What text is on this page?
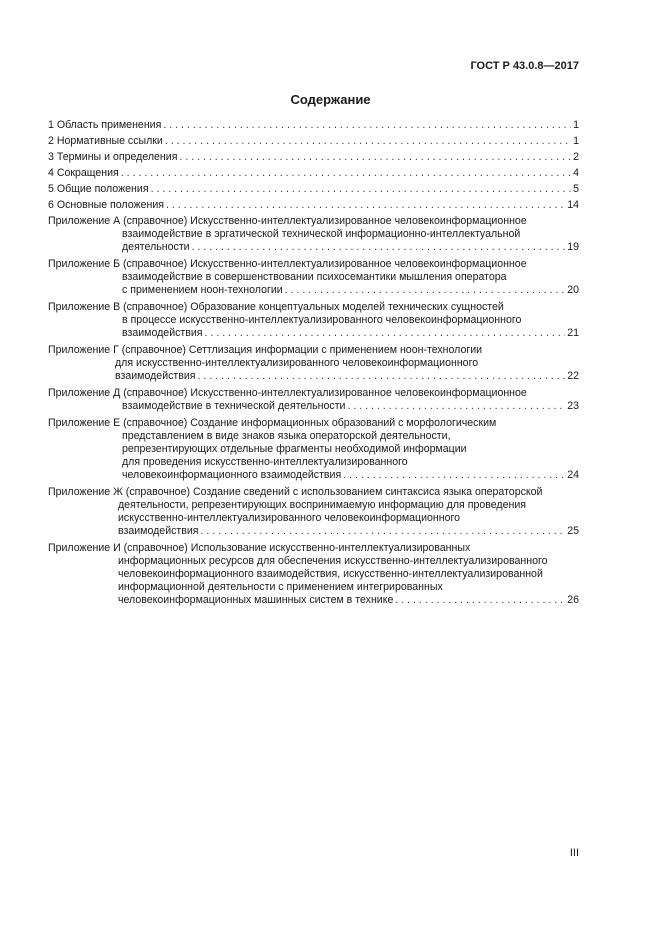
ГОСТ Р 43.0.8—2017
Содержание
1 Область применения . . .	1
2 Нормативные ссылки . . .	1
3 Термины и определения . . .	2
4 Сокращения . . .	4
5 Общие положения . . .	5
6 Основные положения . . .	14
Приложение А (справочное) Искусственно-интеллектуализированное человекоинформационное
взаимодействие в эргатической технической информационно-интеллектуальной
деятельности . . .	19
Приложение Б (справочное) Искусственно-интеллектуализированное человекоинформационное
взаимодействие в совершенствовании психосемантики мышления оператора
с применением ноон-технологии . . .	20
Приложение В (справочное) Образование концептуальных моделей технических сущностей
в процессе искусственно-интеллектуализированного человекоинформационного
взаимодействия . . .	21
Приложение Г (справочное) Сеттлизация информации с применением ноон-технологии
для искусственно-интеллектуализированного человекоинформационного
взаимодействия . . .	22
Приложение Д (справочное) Искусственно-интеллектуализированное человекоинформационное
взаимодействие в технической деятельности . . .	23
Приложение Е (справочное) Создание информационных образований с морфологическим
представлением в виде знаков языка операторской деятельности,
репрезентирующих отдельные фрагменты необходимой информации
для проведения искусственно-интеллектуализированного
человекоинформационного взаимодействия . . .	24
Приложение Ж (справочное) Создание сведений с использованием синтаксиса языка операторской
деятельности, репрезентирующих воспринимаемую информацию для проведения
искусственно-интеллектуализированного человекоинформационного
взаимодействия . . .	25
Приложение И (справочное) Использование искусственно-интеллектуализированных
информационных ресурсов для обеспечения искусственно-интеллектуализированного
человекоинформационного взаимодействия, искусственно-интеллектуализированной
информационной деятельности с применением интегрированных
человекоинформационных машинных систем в технике . . .	26
III
